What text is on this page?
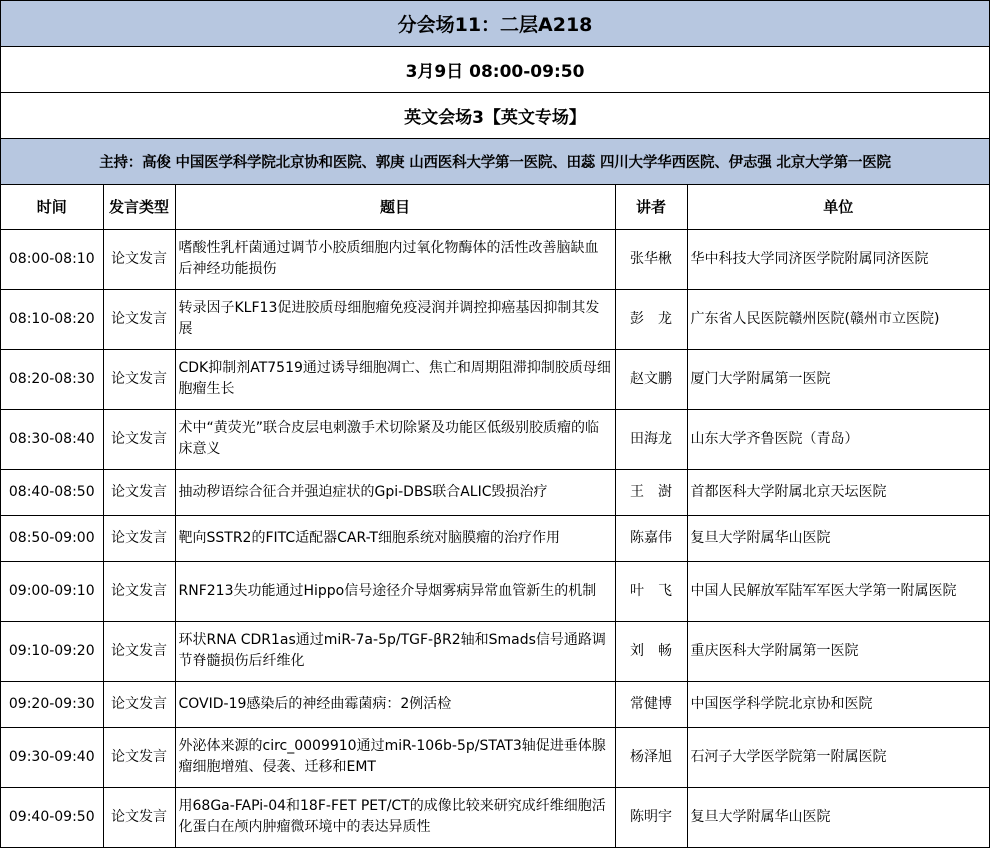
分会场11：二层A218
3月9日 08:00-09:50
英文会场3【英文专场】
主持：高俊 中国医学科学院北京协和医院、郭庚 山西医科大学第一医院、田蕊 四川大学华西医院、伊志强 北京大学第一医院
时间	发言类型	题目	讲者	单位
08:00-08:10	论文发言	嗜酸性乳杆菌通过调节小胶质细胞内过氧化物酶体的活性改善脑缺血后神经功能损伤	张华楸	华中科技大学同济医学院附属同济医院
08:10-08:20	论文发言	转录因子KLF13促进胶质母细胞瘤免疫浸润并调控抑癌基因抑制其发展	彭　龙	广东省人民医院赣州医院(赣州市立医院)
08:20-08:30	论文发言	CDK抑制剂AT7519通过诱导细胞凋亡、焦亡和周期阻滞抑制胶质母细胞瘤生长	赵文鹏	厦门大学附属第一医院
08:30-08:40	论文发言	术中“黄荧光”联合皮层电刺激手术切除紧及功能区低级别胶质瘤的临床意义	田海龙	山东大学齐鲁医院（青岛）
08:40-08:50	论文发言	抽动秽语综合征合并强迫症状的Gpi-DBS联合ALIC毁损治疗	王　澍	首都医科大学附属北京天坛医院
08:50-09:00	论文发言	靶向SSTR2的FITC适配器CAR-T细胞系统对脑膜瘤的治疗作用	陈嘉伟	复旦大学附属华山医院
09:00-09:10	论文发言	RNF213失功能通过Hippo信号途径介导烟雾病异常血管新生的机制	叶　飞	中国人民解放军陆军军医大学第一附属医院
09:10-09:20	论文发言	环状RNA CDR1as通过miR-7a-5p/TGF-βR2轴和Smads信号通路调节脊髓损伤后纤维化	刘　畅	重庆医科大学附属第一医院
09:20-09:30	论文发言	COVID-19感染后的神经曲霉菌病：2例活检	常健博	中国医学科学院北京协和医院
09:30-09:40	论文发言	外泌体来源的circ_0009910通过miR-106b-5p/STAT3轴促进垂体腺瘤细胞增殖、侵袭、迁移和EMT	杨泽旭	石河子大学医学院第一附属医院
09:40-09:50	论文发言	用68Ga-FAPi-04和18F-FET PET/CT的成像比较来研究成纤维细胞活化蛋白在颅内肿瘤微环境中的表达异质性	陈明宇	复旦大学附属华山医院
